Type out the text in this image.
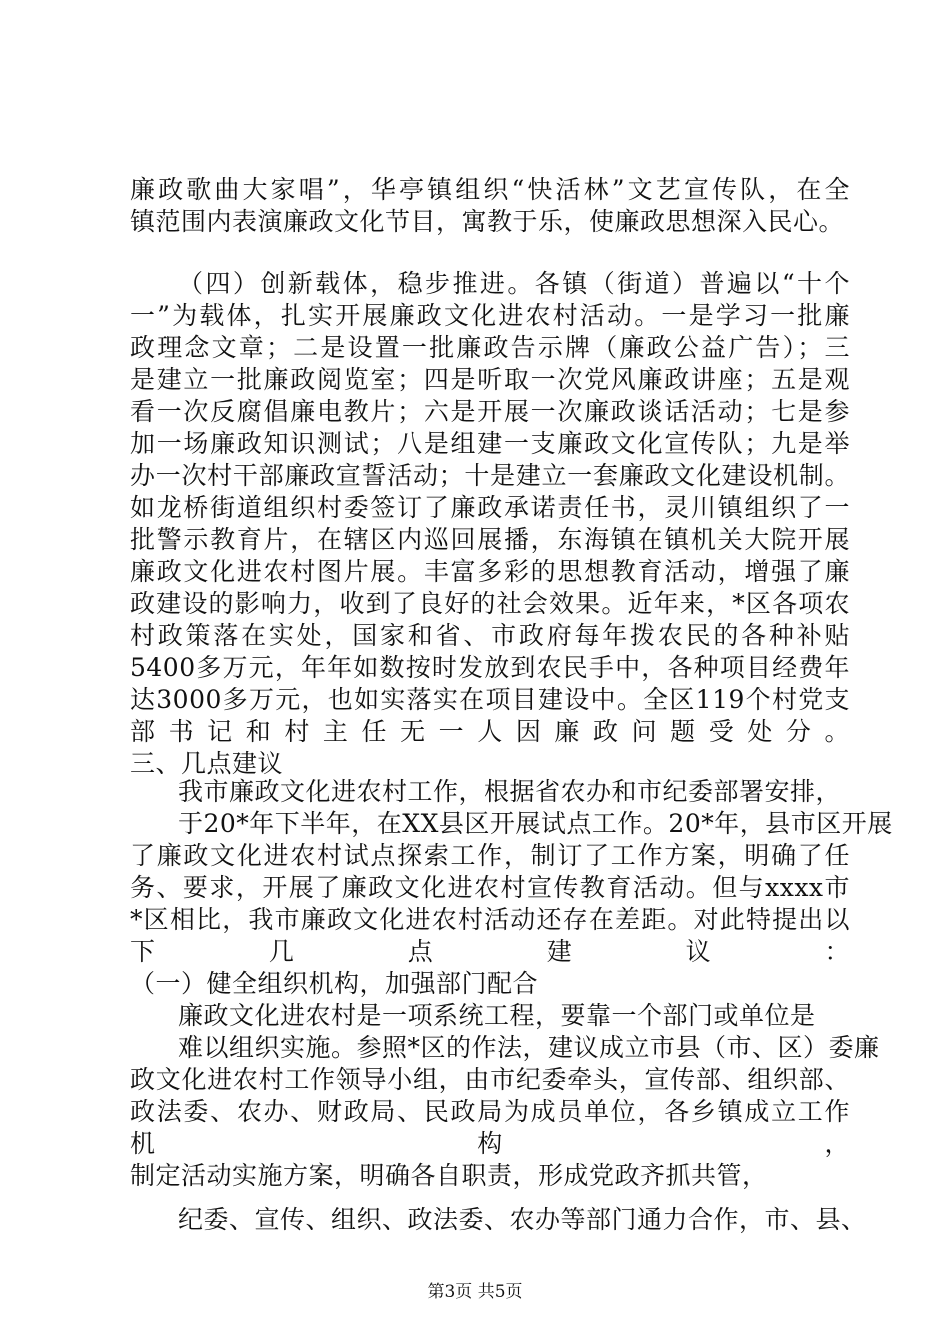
廉政歌曲大家唱”，华亭镇组织“快活林”文艺宣传队，在全
镇范围内表演廉政文化节目，寓教于乐，使廉政思想深入民心。
（四）创新载体，稳步推进。各镇（街道）普遍以“十个
一”为载体，扎实开展廉政文化进农村活动。一是学习一批廉
政理念文章；二是设置一批廉政告示牌（廉政公益广告）；三
是建立一批廉政阅览室；四是听取一次党风廉政讲座；五是观
看一次反腐倡廉电教片；六是开展一次廉政谈话活动；七是参
加一场廉政知识测试；八是组建一支廉政文化宣传队；九是举
办一次村干部廉政宣誓活动；十是建立一套廉政文化建设机制。
如龙桥街道组织村委签订了廉政承诺责任书，灵川镇组织了一
批警示教育片，在辖区内巡回展播，东海镇在镇机关大院开展
廉政文化进农村图片展。丰富多彩的思想教育活动，增强了廉
政建设的影响力，收到了良好的社会效果。近年来，*区各项农
村政策落在实处，国家和省、市政府每年拨农民的各种补贴
5400多万元，年年如数按时发放到农民手中，各种项目经费年
达3000多万元，也如实落实在项目建设中。全区119个村党支
部书记和村主任无一人因廉政问题受处分。
三、几点建议
我市廉政文化进农村工作，根据省农办和市纪委部署安排，
于20*年下半年，在XX县区开展试点工作。20*年，县市区开展
了廉政文化进农村试点探索工作，制订了工作方案，明确了任
务、要求，开展了廉政文化进农村宣传教育活动。但与xxxx市
*区相比，我市廉政文化进农村活动还存在差距。对此特提出以
下几点建议：
（一）健全组织机构，加强部门配合
廉政文化进农村是一项系统工程，要靠一个部门或单位是
难以组织实施。参照*区的作法，建议成立市县（市、区）委廉
政文化进农村工作领导小组，由市纪委牵头，宣传部、组织部、
政法委、农办、财政局、民政局为成员单位，各乡镇成立工作
机构，
制定活动实施方案，明确各自职责，形成党政齐抓共管，
纪委、宣传、组织、政法委、农办等部门通力合作，市、县、
第3页 共5页
